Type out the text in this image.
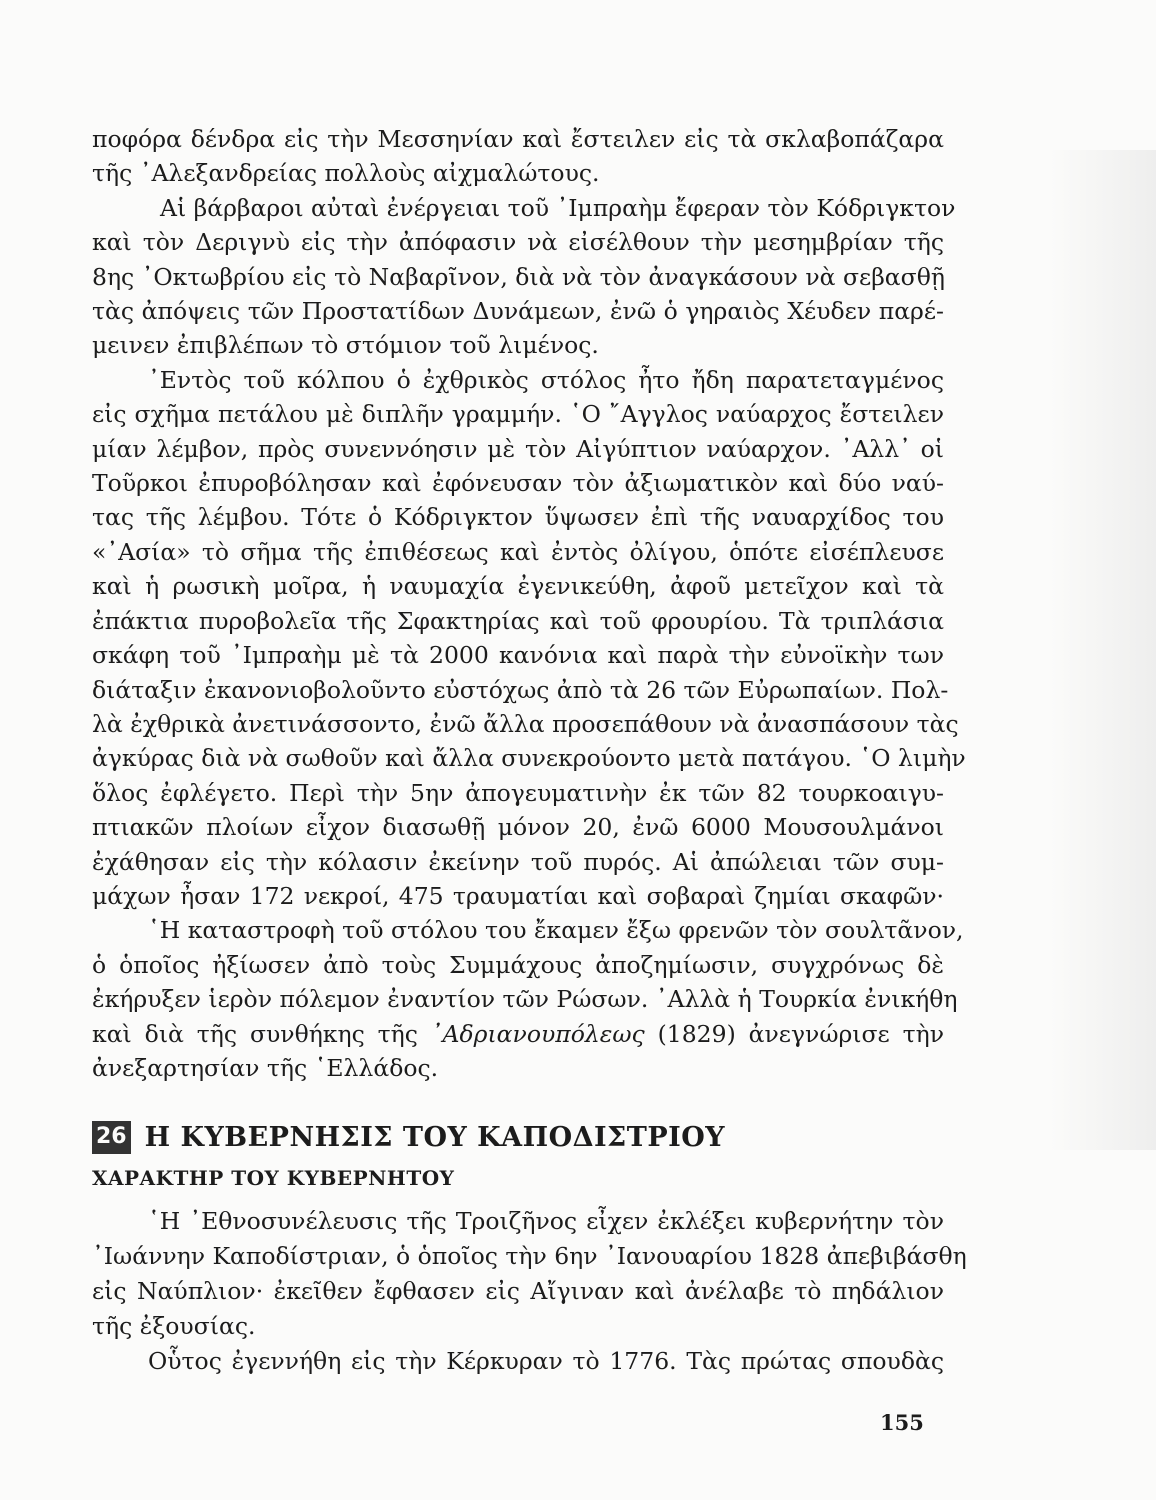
ποφόρα δένδρα εἰς τὴν Μεσσηνίαν καὶ ἔστειλεν εἰς τὰ σκλαβοπάζαρα
τῆς ᾿Αλεξανδρείας πολλοὺς αἰχμαλώτους.
Αἱ βάρβαροι αὐταὶ ἐνέργειαι τοῦ ᾿Ιμπραὴμ ἔφεραν τὸν Κόδριγκτον
καὶ τὸν Δεριγνὺ εἰς τὴν ἀπόφασιν νὰ εἰσέλθουν τὴν μεσημβρίαν τῆς
8ης ᾿Οκτωβρίου εἰς τὸ Ναβαρῖνον, διὰ νὰ τὸν ἀναγκάσουν νὰ σεβασθῇ
τὰς ἀπόψεις τῶν Προστατίδων Δυνάμεων, ἐνῶ ὁ γηραιὸς Χέυδεν παρέ-
μεινεν ἐπιβλέπων τὸ στόμιον τοῦ λιμένος.
᾿Εντὸς τοῦ κόλπου ὁ ἐχθρικὸς στόλος ἦτο ἤδη παρατεταγμένος
εἰς σχῆμα πετάλου μὲ διπλῆν γραμμήν. ῾Ο ῎Αγγλος ναύαρχος ἔστειλεν
μίαν λέμβον, πρὸς συνεννόησιν μὲ τὸν Αἰγύπτιον ναύαρχον. ᾿Αλλ᾿ οἱ
Τοῦρκοι ἐπυροβόλησαν καὶ ἐφόνευσαν τὸν ἀξιωματικὸν καὶ δύο ναύ-
τας τῆς λέμβου. Τότε ὁ Κόδριγκτον ὕψωσεν ἐπὶ τῆς ναυαρχίδος του
«᾿Ασία» τὸ σῆμα τῆς ἐπιθέσεως καὶ ἐντὸς ὀλίγου, ὁπότε εἰσέπλευσε
καὶ ἡ ρωσικὴ μοῖρα, ἡ ναυμαχία ἐγενικεύθη, ἀφοῦ μετεῖχον καὶ τὰ
ἐπάκτια πυροβολεῖα τῆς Σφακτηρίας καὶ τοῦ φρουρίου. Τὰ τριπλάσια
σκάφη τοῦ ᾿Ιμπραὴμ μὲ τὰ 2000 κανόνια καὶ παρὰ τὴν εὐνοϊκὴν των
διάταξιν ἐκανονιοβολοῦντο εὐστόχως ἀπὸ τὰ 26 τῶν Εὐρωπαίων. Πολ-
λὰ ἐχθρικὰ ἀνετινάσσοντο, ἐνῶ ἄλλα προσεπάθουν νὰ ἀνασπάσουν τὰς
ἀγκύρας διὰ νὰ σωθοῦν καὶ ἄλλα συνεκρούοντο μετὰ πατάγου. ῾Ο λιμὴν
ὅλος ἐφλέγετο. Περὶ τὴν 5ην ἀπογευματινὴν ἐκ τῶν 82 τουρκοαιγυ-
πτιακῶν πλοίων εἶχον διασωθῇ μόνον 20, ἐνῶ 6000 Μουσουλμάνοι
ἐχάθησαν εἰς τὴν κόλασιν ἐκείνην τοῦ πυρός. Αἱ ἀπώλειαι τῶν συμ-
μάχων ἦσαν 172 νεκροί, 475 τραυματίαι καὶ σοβαραὶ ζημίαι σκαφῶν·
῾Η καταστροφὴ τοῦ στόλου του ἔκαμεν ἔξω φρενῶν τὸν σουλτᾶνον,
ὁ ὁποῖος ἠξίωσεν ἀπὸ τοὺς Συμμάχους ἀποζημίωσιν, συγχρόνως δὲ
ἐκήρυξεν ἱερὸν πόλεμον ἐναντίον τῶν Ρώσων. ᾿Αλλὰ ἡ Τουρκία ἐνικήθη
καὶ διὰ τῆς συνθήκης τῆς ᾿Αδριανουπόλεως (1829) ἀνεγνώρισε τὴν
ἀνεξαρτησίαν τῆς ῾Ελλάδος.
26 Η ΚΥΒΕΡΝΗΣΙΣ ΤΟΥ ΚΑΠΟΔΙΣΤΡΙΟΥ
ΧΑΡΑΚΤΗΡ ΤΟΥ ΚΥΒΕΡΝΗΤΟΥ
῾Η ᾿Εθνοσυνέλευσις τῆς Τροιζῆνος εἶχεν ἐκλέξει κυβερνήτην τὸν
᾿Ιωάννην Καποδίστριαν, ὁ ὁποῖος τὴν 6ην ᾿Ιανουαρίου 1828 ἀπεβιβάσθη
εἰς Ναύπλιον· ἐκεῖθεν ἔφθασεν εἰς Αἴγιναν καὶ ἀνέλαβε τὸ πηδάλιον
τῆς ἐξουσίας.
Οὗτος ἐγεννήθη εἰς τὴν Κέρκυραν τὸ 1776. Τὰς πρώτας σπουδὰς
155
